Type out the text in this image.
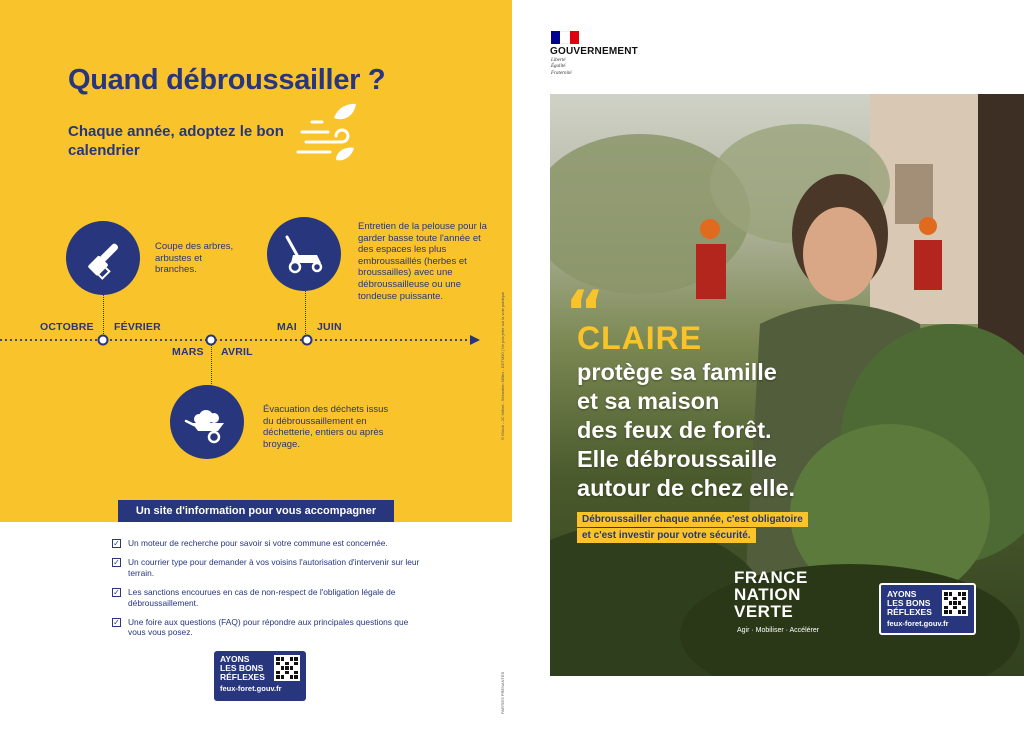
Quand débroussailler ?
Chaque année, adoptez le bon calendrier
Coupe des arbres, arbustes et branches.
Entretien de la pelouse pour la garder basse toute l'année et des espaces les plus embroussaillés (herbes et broussailles) avec une débroussailleuse ou une tondeuse puissante.
OCTOBRE FÉVRIER
MARS AVRIL
MAI JUIN
Évacuation des déchets issus du débroussaillement en déchetterie, entiers ou après broyage.
Un site d'information pour vous accompagner
✓ Un moteur de recherche pour savoir si votre commune est concernée.
✓ Un courrier type pour demander à vos voisins l'autorisation d'intervenir sur leur terrain.
✓ Les sanctions encourues en cas de non-respect de l'obligation légale de débroussaillement.
✓ Une foire aux questions (FAQ) pour répondre aux principales questions que vous vous posez.
AYONS
LES BONS
RÉFLEXES
feux-foret.gouv.fr
© iStock - JC Milhet - Sébastien Millier - DDTM30 | Ne pas jeter sur la voie publique
PARTIES PRENANTES
GOUVERNEMENT
Liberté
Égalité
Fraternité
“
CLAIRE
protège sa famille
et sa maison
des feux de forêt.
Elle débroussaille
autour de chez elle.
Débroussailler chaque année, c'est obligatoire
et c'est investir pour votre sécurité.
FRANCE
NATION
VERTE
Agir · Mobiliser · Accélérer
AYONS
LES BONS
RÉFLEXES
feux-foret.gouv.fr
